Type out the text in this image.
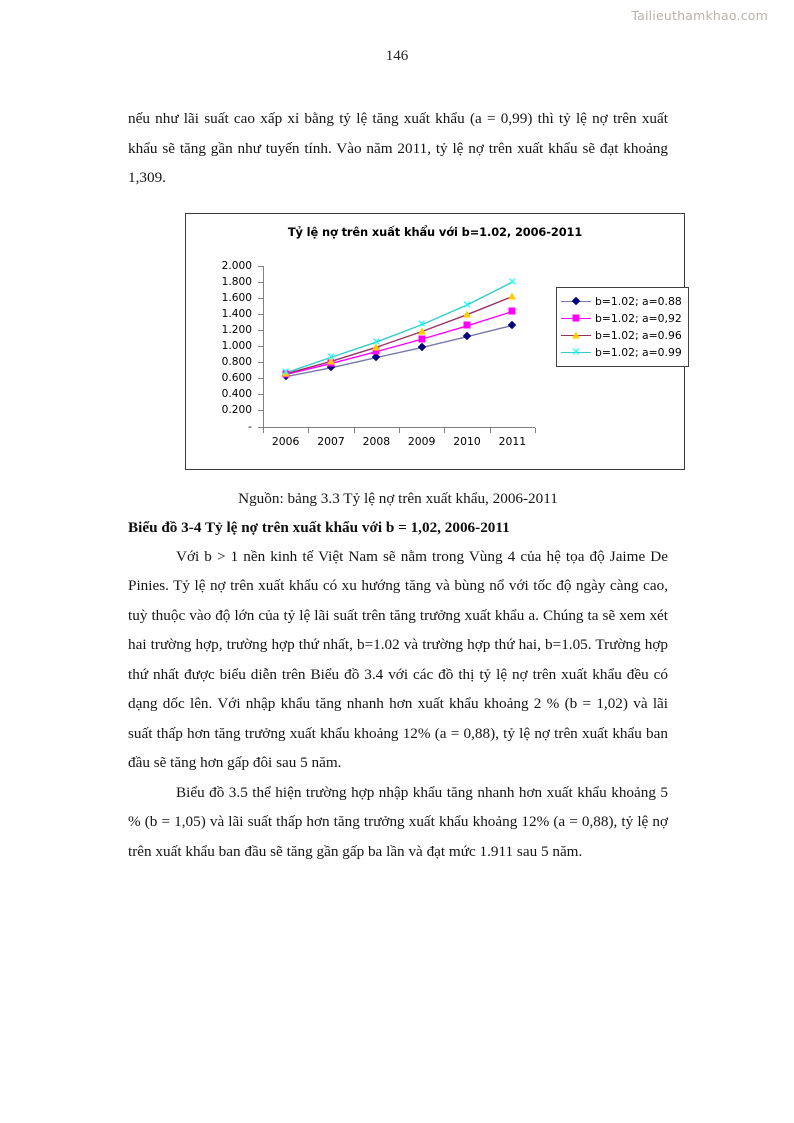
Tailieuthamkhao.com
146

nếu như lãi suất cao xấp xỉ bằng tỷ lệ tăng xuất khẩu (a = 0,99) thì tỷ lệ nợ trên xuất khẩu sẽ tăng gần như tuyến tính. Vào năm 2011, tỷ lệ nợ trên xuất khẩu sẽ đạt khoảng 1,309.

Tỷ lệ nợ trên xuất khẩu với b=1.02, 2006-2011
2.000
1.800
1.600
1.400
1.200
1.000
0.800
0.600
0.400
0.200
-
2006 2007 2008 2009 2010 2011
✕
✕
✕
✕
✕
✕
b=1.02; a=0.88
b=1.02; a=0,92
b=1.02; a=0.96
✕ b=1.02; a=0.99

Nguồn: bảng 3.3 Tỷ lệ nợ trên xuất khẩu, 2006-2011

Biểu đồ 3-4 Tỷ lệ nợ trên xuất khẩu với b = 1,02, 2006-2011

Với b > 1 nền kinh tế Việt Nam sẽ nằm trong Vùng 4 của hệ tọa độ Jaime De Pinies. Tỷ lệ nợ trên xuất khẩu có xu hướng tăng và bùng nổ với tốc độ ngày càng cao, tuỳ thuộc vào độ lớn của tỷ lệ lãi suất trên tăng trưởng xuất khẩu a. Chúng ta sẽ xem xét hai trường hợp, trường hợp thứ nhất, b=1.02 và trường hợp thứ hai, b=1.05. Trường hợp thứ nhất được biểu diễn trên Biểu đồ 3.4 với các đồ thị tỷ lệ nợ trên xuất khẩu đều có dạng dốc lên. Với nhập khẩu tăng nhanh hơn xuất khẩu khoảng 2 % (b = 1,02) và lãi suất thấp hơn tăng trưởng xuất khẩu khoảng 12% (a = 0,88), tỷ lệ nợ trên xuất khẩu ban đầu sẽ tăng hơn gấp đôi sau 5 năm.

Biểu đồ 3.5 thể hiện trường hợp nhập khẩu tăng nhanh hơn xuất khẩu khoảng 5 % (b = 1,05) và lãi suất thấp hơn tăng trưởng xuất khẩu khoảng 12% (a = 0,88), tỷ lệ nợ trên xuất khẩu ban đầu sẽ tăng gần gấp ba lần và đạt mức 1.911 sau 5 năm.
